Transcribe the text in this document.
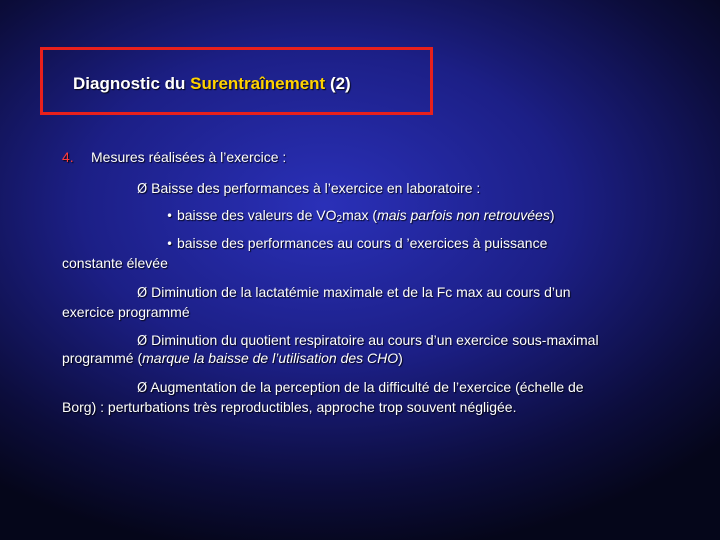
Diagnostic du Surentraînement (2)
4. Mesures réalisées à l’exercice :
Ø Baisse des performances à l’exercice en laboratoire :
• baisse des valeurs de $VO_2\max$ (mais parfois non retrouvées)
• baisse des performances au cours d ’exercices à puissance
constante élevée
Ø Diminution de la lactatémie maximale et de la Fc max au cours d’un
exercice programmé
Ø Diminution du quotient respiratoire au cours d’un exercice sous-maximal
programmé (marque la baisse de l’utilisation des CHO)
Ø Augmentation de la perception de la difficulté de l’exercice (échelle de
Borg) : perturbations très reproductibles, approche trop souvent négligée.
